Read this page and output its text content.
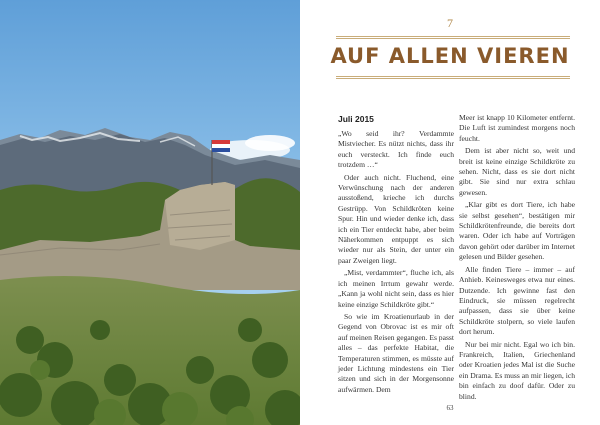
7
AUF ALLEN VIEREN
Juli 2015

„Wo seid ihr? Verdammte Mistviecher. Es nützt nichts, dass ihr euch versteckt. Ich finde euch trotzdem …“

Oder auch nicht. Fluchend, eine Verwünschung nach der anderen ausstoßend, krieche ich durchs Gestrüpp. Von Schildkröten keine Spur. Hin und wieder denke ich, dass ich ein Tier entdeckt habe, aber beim Näherkommen entpuppt es sich wieder nur als Stein, der unter ein paar Zweigen liegt.

„Mist, verdammter“, fluche ich, als ich meinen Irrtum gewahr werde. „Kann ja wohl nicht sein, dass es hier keine einzige Schildkröte gibt.“

So wie im Kroatienurlaub in der Gegend von Obrovac ist es mir oft auf meinen Reisen gegangen. Es passt alles – das perfekte Habitat, die Temperaturen stimmen, es müsste auf jeder Lichtung mindestens ein Tier sitzen und sich in der Morgensonne aufwärmen. Dem

Meer ist knapp 10 Kilometer entfernt. Die Luft ist zumindest morgens noch feucht.

Dem ist aber nicht so, weit und breit ist keine einzige Schildkröte zu sehen. Nicht, dass es sie dort nicht gibt. Sie sind nur extra schlau gewesen.

„Klar gibt es dort Tiere, ich habe sie selbst gesehen“, bestätigen mir Schildkrötenfreunde, die bereits dort waren. Oder ich habe auf Vorträgen davon gehört oder darüber im Internet gelesen und Bilder gesehen.

Alle finden Tiere – immer – auf Anhieb. Keinesweges etwa nur eines. Dutzende. Ich gewinne fast den Eindruck, sie müssen regelrecht aufpassen, dass sie über keine Schildkröte stolpern, so viele laufen dort herum.

Nur bei mir nicht. Egal wo ich bin. Frankreich, Italien, Griechenland oder Kroatien jedes Mal ist die Suche ein Drama. Es muss an mir liegen, ich bin einfach zu doof dafür. Oder zu blind.

63
